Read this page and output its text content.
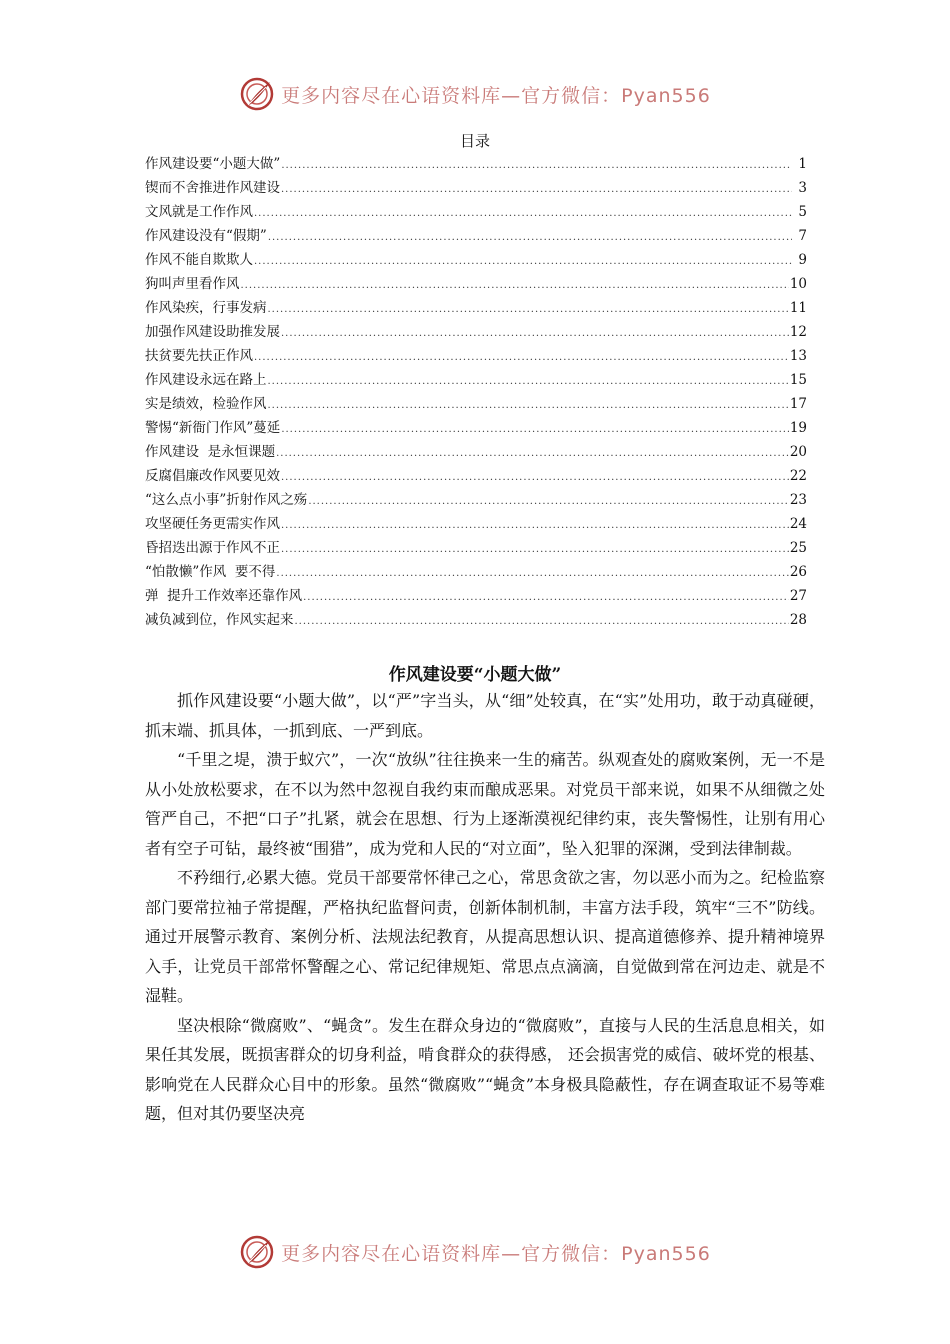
更多内容尽在心语资料库—官方微信：Pyan556
目录
作风建设要“小题大做” .....	1
锲而不舍推进作风建设 .....	3
文风就是工作作风 .....	5
作风建设没有“假期” .....	7
作风不能自欺欺人 .....	9
狗叫声里看作风 .....	10
作风染疾，行事发病 .....	11
加强作风建设助推发展 .....	12
扶贫要先扶正作风 .....	13
作风建设永远在路上 .....	15
实是绩效，检验作风 .....	17
警惕“新衙门作风”蔓延 .....	19
作风建设  是永恒课题 .....	20
反腐倡廉改作风要见效 .....	22
“这么点小事”折射作风之殇 .....	23
攻坚硬任务更需实作风 .....	24
昏招迭出源于作风不正 .....	25
“怕散懒”作风  要不得 .....	26
弹  提升工作效率还靠作风 .....	27
减负减到位，作风实起来 .....	28
作风建设要“小题大做”

抓作风建设要“小题大做”，以“严”字当头，从“细”处较真，在“实”处用功，敢于动真碰硬，抓末端、抓具体，一抓到底、一严到底。

“千里之堤，溃于蚁穴”，一次“放纵”往往换来一生的痛苦。纵观查处的腐败案例，无一不是从小处放松要求，在不以为然中忽视自我约束而酿成恶果。对党员干部来说，如果不从细微之处管严自己，不把“口子”扎紧，就会在思想、行为上逐渐漠视纪律约束，丧失警惕性，让别有用心者有空子可钻，最终被“围猎”，成为党和人民的“对立面”，坠入犯罪的深渊，受到法律制裁。

不矜细行,必累大德。党员干部要常怀律己之心，常思贪欲之害，勿以恶小而为之。纪检监察部门要常拉袖子常提醒，严格执纪监督问责，创新体制机制，丰富方法手段，筑牢“三不”防线。通过开展警示教育、案例分析、法规法纪教育，从提高思想认识、提高道德修养、提升精神境界入手，让党员干部常怀警醒之心、常记纪律规矩、常思点点滴滴，自觉做到常在河边走、就是不湿鞋。

坚决根除“微腐败”、“蝇贪”。发生在群众身边的“微腐败”，直接与人民的生活息息相关，如果任其发展，既损害群众的切身利益，啃食群众的获得感， 还会损害党的威信、破坏党的根基、影响党在人民群众心目中的形象。虽然“微腐败”“蝇贪”本身极具隐蔽性，存在调查取证不易等难题，但对其仍要坚决亮

更多内容尽在心语资料库—官方微信：Pyan556
